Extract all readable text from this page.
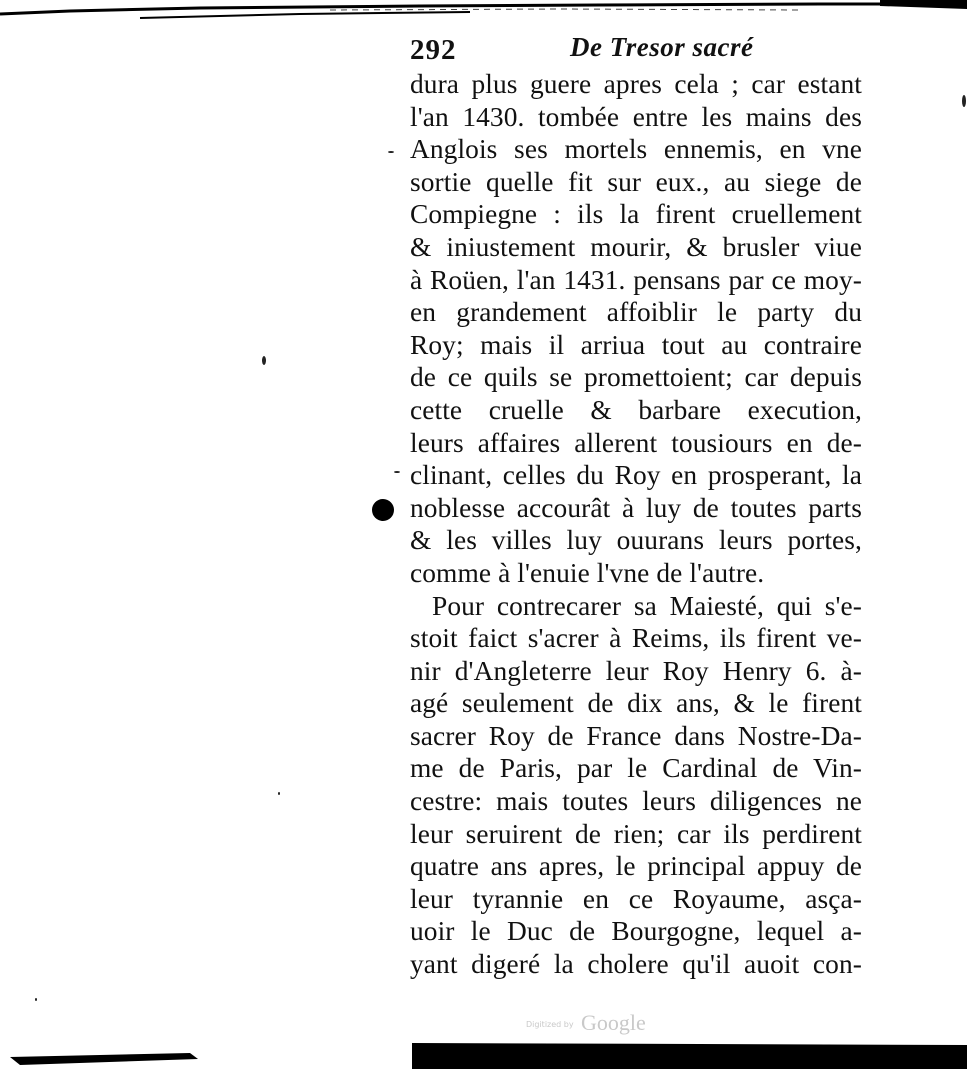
292	De Tresor sacré
dura plus guere apres cela ; car estant
l'an 1430. tombée entre les mains des
Anglois ses mortels ennemis, en vne
sortie quelle fit sur eux., au siege de
Compiegne : ils la firent cruellement
& iniustement mourir, & brusler viue
à Roüen, l'an 1431. pensans par ce moy-
en grandement affoiblir le party du
Roy; mais il arriua tout au contraire
de ce quils se promettoient; car depuis
cette cruelle & barbare execution,
leurs affaires allerent tousiours en de-
clinant, celles du Roy en prosperant, la
noblesse accourât à luy de toutes parts
& les villes luy ouurans leurs portes,
comme à l'enuie l'vne de l'autre.
Pour contrecarer sa Maiesté, qui s'e-
stoit faict s'acrer à Reims, ils firent ve-
nir d'Angleterre leur Roy Henry 6. à-
agé seulement de dix ans, & le firent
sacrer Roy de France dans Nostre-Da-
me de Paris, par le Cardinal de Vin-
cestre: mais toutes leurs diligences ne
leur seruirent de rien; car ils perdirent
quatre ans apres, le principal appuy de
leur tyrannie en ce Royaume, asça-
uoir le Duc de Bourgogne, lequel a-
yant digeré la cholere qu'il auoit con-
Digitized by Google
